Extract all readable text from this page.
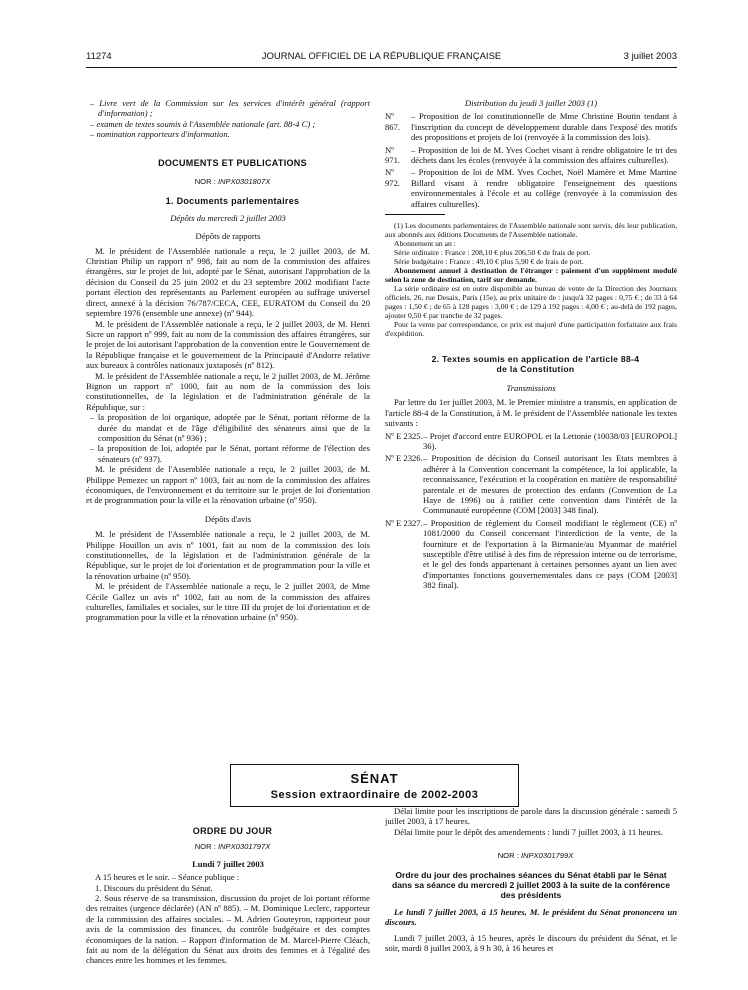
11274	JOURNAL OFFICIEL DE LA RÉPUBLIQUE FRANÇAISE	3 juillet 2003

– Livre vert de la Commission sur les services d'intérêt général (rapport d'information) ;

– examen de textes soumis à l'Assemblée nationale (art. 88-4 C) ;

– nomination rapporteurs d'information.

DOCUMENTS ET PUBLICATIONS

NOR : INPX0301807X

1. Documents parlementaires

Dépôts du mercredi 2 juillet 2003

Dépôts de rapports

M. le président de l'Assemblée nationale a reçu, le 2 juillet 2003, de M. Christian Philip un rapport nº 998, fait au nom de la commission des affaires étrangères, sur le projet de loi, adopté par le Sénat, autorisant l'approbation de la décision du Conseil du 25 juin 2002 et du 23 septembre 2002 modifiant l'acte portant élection des représentants au Parlement européen au suffrage universel direct, annexé à la décision 76/787/CECA, CEE, EURATOM du Conseil du 20 septembre 1976 (ensemble une annexe) (nº 944).

M. le président de l'Assemblée nationale a reçu, le 2 juillet 2003, de M. Henri Sicre un rapport nº 999, fait au nom de la commission des affaires étrangères, sur le projet de loi autorisant l'approbation de la convention entre le Gouvernement de la République française et le gouvernement de la Principauté d'Andorre relative aux bureaux à contrôles nationaux juxtaposés (nº 812).

M. le président de l'Assemblée nationale a reçu, le 2 juillet 2003, de M. Jérôme Bignon un rapport nº 1000, fait au nom de la commission des lois constitutionnelles, de la législation et de l'administration générale de la République, sur :

– la proposition de loi organique, adoptée par le Sénat, portant réforme de la durée du mandat et de l'âge d'éligibilité des sénateurs ainsi que de la composition du Sénat (nº 936) ;

– la proposition de loi, adoptée par le Sénat, portant réforme de l'élection des sénateurs (nº 937).

M. le président de l'Assemblée nationale a reçu, le 2 juillet 2003, de M. Philippe Pemezec un rapport nº 1003, fait au nom de la commission des affaires économiques, de l'environnement et du territoire sur le projet de loi d'orientation et de programmation pour la ville et la rénovation urbaine (nº 950).

Dépôts d'avis

M. le président de l'Assemblée nationale a reçu, le 2 juillet 2003, de M. Philippe Houillon un avis nº 1001, fait au nom de la commission des lois constitutionnelles, de la législation et de l'administration générale de la République, sur le projet de loi d'orientation et de programmation pour la ville et la rénovation urbaine (nº 950).

M. le président de l'Assemblée nationale a reçu, le 2 juillet 2003, de Mme Cécile Gallez un avis nº 1002, fait au nom de la commission des affaires culturelles, familiales et sociales, sur le titre III du projet de loi d'orientation et de programmation pour la ville et la rénovation urbaine (nº 950).

Distribution du jeudi 3 juillet 2003 (1)

Nº 867.
– Proposition de loi constitutionnelle de Mme Christine Boutin tendant à l'inscription du concept de développement durable dans l'exposé des motifs des propositions et projets de loi (renvoyée à la commission des lois).
Nº 971.
– Proposition de loi de M. Yves Cochet visant à rendre obligatoire le tri des déchets dans les écoles (renvoyée à la commission des affaires culturelles).
Nº 972.
– Proposition de loi de MM. Yves Cochet, Noël Mamère et Mme Martine Billard visant à rendre obligatoire l'enseignement des questions environnementales à l'école et au collège (renvoyée à la commission des affaires culturelles).

(1) Les documents parlementaires de l'Assemblée nationale sont servis, dès leur publication, aux abonnés aux éditions Documents de l'Assemblée nationale.

Abonnement un an :

Série ordinaire : France : 208,10 € plus 206,50 € de frais de port.

Série budgétaire : France : 49,10 € plus 5,90 € de frais de port.

Abonnement annuel à destination de l'étranger : paiement d'un supplément modulé selon la zone de destination, tarif sur demande.

La série ordinaire est en outre disponible au bureau de vente de la Direction des Journaux officiels, 26, rue Desaix, Paris (15e), au prix unitaire de : jusqu'à 32 pages : 0,75 € ; de 33 à 64 pages : 1,50 € ; de 65 à 128 pages : 3,00 € ; de 129 à 192 pages : 4,00 € ; au-delà de 192 pages, ajouter 0,50 € par tranche de 32 pages.

Pour la vente par correspondance, ce prix est majoré d'une participation forfaitaire aux frais d'expédition.

2. Textes soumis en application de l'article 88-4

de la Constitution

Transmissions

Par lettre du 1er juillet 2003, M. le Premier ministre a transmis, en application de l'article 88-4 de la Constitution, à M. le président de l'Assemblée nationale les textes suivants :

Nº E 2325. – Projet d'accord entre EUROPOL et la Lettonie (10038/03 [EUROPOL] 36).
Nº E 2326. – Proposition de décision du Conseil autorisant les Etats membres à adhérer à la Convention concernant la compétence, la loi applicable, la reconnaissance, l'exécution et la coopération en matière de responsabilité parentale et de mesures de protection des enfants (Convention de La Haye de 1996) ou à ratifier cette convention dans l'intérêt de la Communauté européenne (COM [2003] 348 final).
Nº E 2327. – Proposition de règlement du Conseil modifiant le règlement (CE) nº 1081/2000 du Conseil concernant l'interdiction de la vente, de la fourniture et de l'exportation à la Birmanie/au Myanmar de matériel susceptible d'être utilisé à des fins de répression interne ou de terrorisme, et le gel des fonds appartenant à certaines personnes ayant un lien avec d'importantes fonctions gouvernementales dans ce pays (COM [2003] 382 final).
SÉNAT
Session extraordinaire de 2002-2003

ORDRE DU JOUR

NOR : INPX0301797X

Lundi 7 juillet 2003

A 15 heures et le soir. – Séance publique :

1. Discours du président du Sénat.

2. Sous réserve de sa transmission, discussion du projet de loi portant réforme des retraites (urgence déclarée) (AN nº 885). – M. Dominique Leclerc, rapporteur de la commission des affaires sociales. – M. Adrien Gouteyron, rapporteur pour avis de la commission des finances, du contrôle budgétaire et des comptes économiques de la nation. – Rapport d'information de M. Marcel-Pierre Cléach, fait au nom de la délégation du Sénat aux droits des femmes et à l'égalité des chances entre les hommes et les femmes.

Délai limite pour les inscriptions de parole dans la discussion générale : samedi 5 juillet 2003, à 17 heures.

Délai limite pour le dépôt des amendements : lundi 7 juillet 2003, à 11 heures.

NOR : INPX0301799X

Ordre du jour des prochaines séances du Sénat établi par le Sénat dans sa séance du mercredi 2 juillet 2003 à la suite de la conférence des présidents

Le lundi 7 juillet 2003, à 15 heures, M. le président du Sénat prononcera un discours.

Lundi 7 juillet 2003, à 15 heures, après le discours du président du Sénat, et le soir, mardi 8 juillet 2003, à 9 h 30, à 16 heures et
